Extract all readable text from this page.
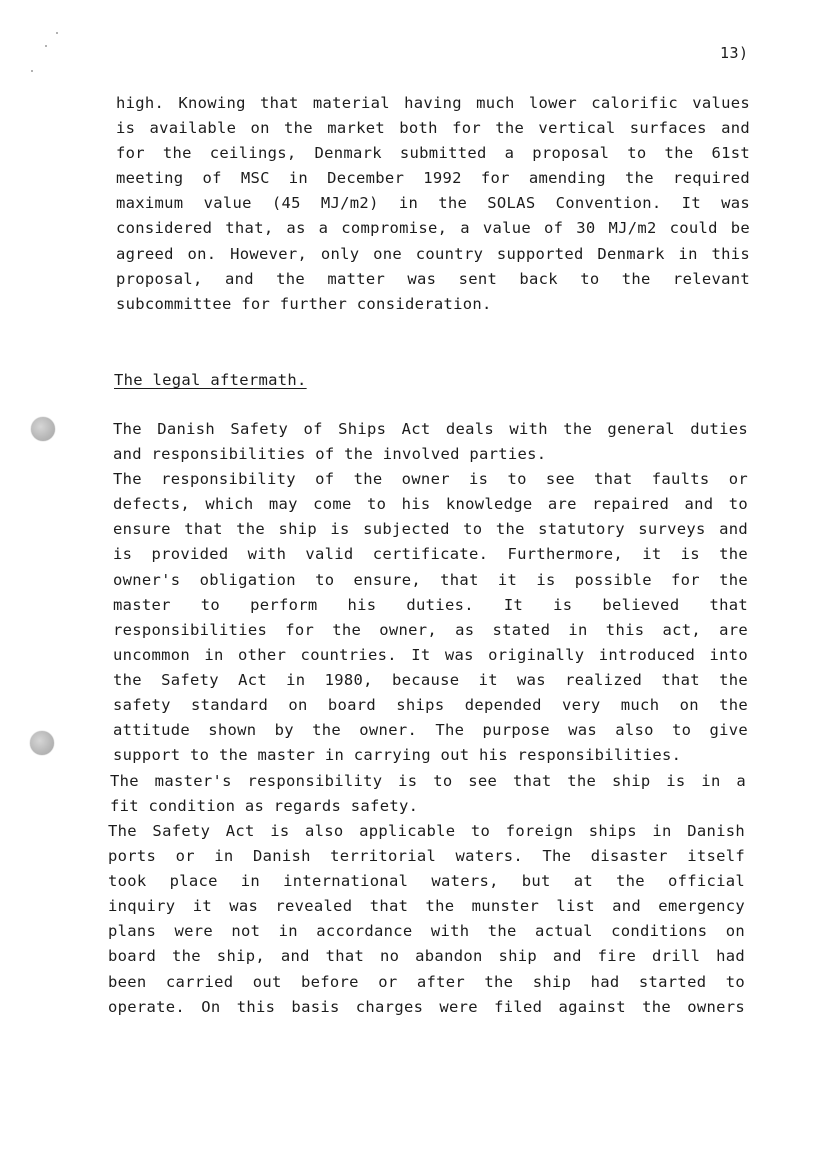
13)
high. Knowing that material having much lower calorific values
is available on the market both for the vertical surfaces and
for the ceilings, Denmark submitted a proposal to the 61st
meeting of MSC in December 1992 for amending the required
maximum value (45 MJ/m2) in the SOLAS Convention. It was
considered that, as a compromise, a value of 30 MJ/m2 could be
agreed on. However, only one country supported Denmark in this
proposal, and the matter was sent back to the relevant
subcommittee for further consideration.
The legal aftermath.
The Danish Safety of Ships Act deals with the general duties
and responsibilities of the involved parties.
The responsibility of the owner is to see that faults or
defects, which may come to his knowledge are repaired and to
ensure that the ship is subjected to the statutory surveys and
is provided with valid certificate. Furthermore, it is the
owner's obligation to ensure, that it is possible for the
master to perform his duties. It is believed that
responsibilities for the owner, as stated in this act, are
uncommon in other countries. It was originally introduced into
the Safety Act in 1980, because it was realized that the
safety standard on board ships depended very much on the
attitude shown by the owner. The purpose was also to give
support to the master in carrying out his responsibilities.
The master's responsibility is to see that the ship is in a
fit condition as regards safety.
The Safety Act is also applicable to foreign ships in Danish
ports or in Danish territorial waters. The disaster itself
took place in international waters, but at the official
inquiry it was revealed that the munster list and emergency
plans were not in accordance with the actual conditions on
board the ship, and that no abandon ship and fire drill had
been carried out before or after the ship had started to
operate. On this basis charges were filed against the owners
